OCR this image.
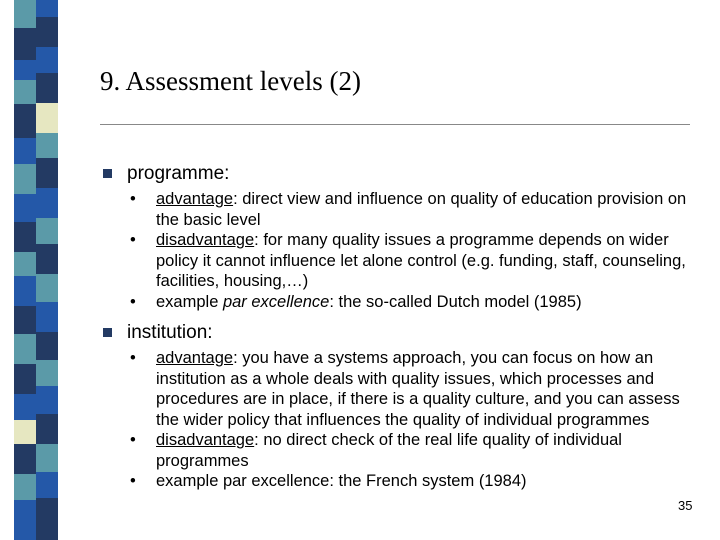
9. Assessment levels (2)

programme:

• advantage: direct view and influence on quality of education provision on the basic level
• disadvantage: for many quality issues a programme depends on wider policy it cannot influence let alone control (e.g. funding, staff, counseling, facilities, housing,…)
• example par excellence: the so-called Dutch model (1985)

institution:

• advantage: you have a systems approach, you can focus on how an institution as a whole deals with quality issues, which processes and procedures are in place, if there is a quality culture, and you can assess the wider policy that influences the quality of individual programmes
• disadvantage: no direct check of the real life quality of individual programmes
• example par excellence: the French system (1984)
35
